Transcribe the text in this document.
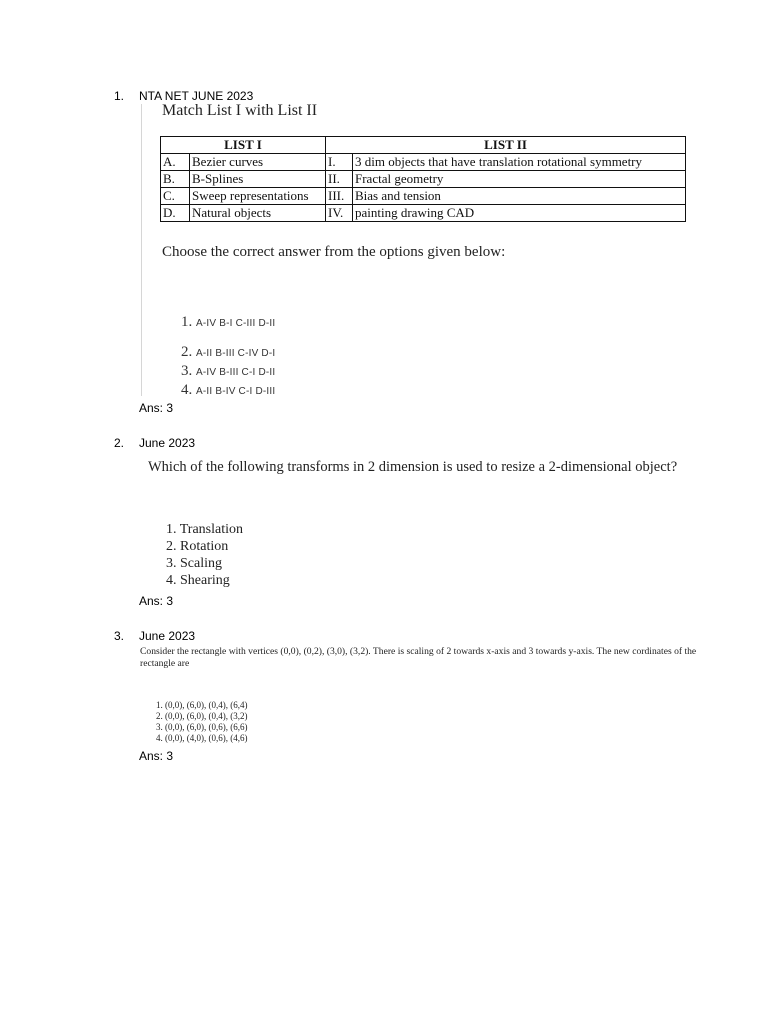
1. NTA NET JUNE 2023
Match List I with List II
LIST I		LIST II	
A.	Bezier curves	I.	3 dim objects that have translation rotational symmetry
B.	B-Splines	II.	Fractal geometry
C.	Sweep representations	III.	Bias and tension
D.	Natural objects	IV.	painting drawing CAD
Choose the correct answer from the options given below:
1. A-IV B-I C-III D-II
2. A-II B-III C-IV D-I
3. A-IV B-III C-I D-II
4. A-II B-IV C-I D-III
Ans: 3
2. June 2023
Which of the following transforms in 2 dimension is used to resize a 2-dimensional object?
1. Translation
2. Rotation
3. Scaling
4. Shearing
Ans: 3
3. June 2023
Consider the rectangle with vertices (0,0), (0,2), (3,0), (3,2). There is scaling of 2 towards x-axis and 3 towards y-axis. The new cordinates of the rectangle are
1. (0,0), (6,0), (0,4), (6,4)
2. (0,0), (6,0), (0,4), (3,2)
3. (0,0), (6,0), (0,6), (6,6)
4. (0,0), (4,0), (0,6), (4,6)
Ans: 3
